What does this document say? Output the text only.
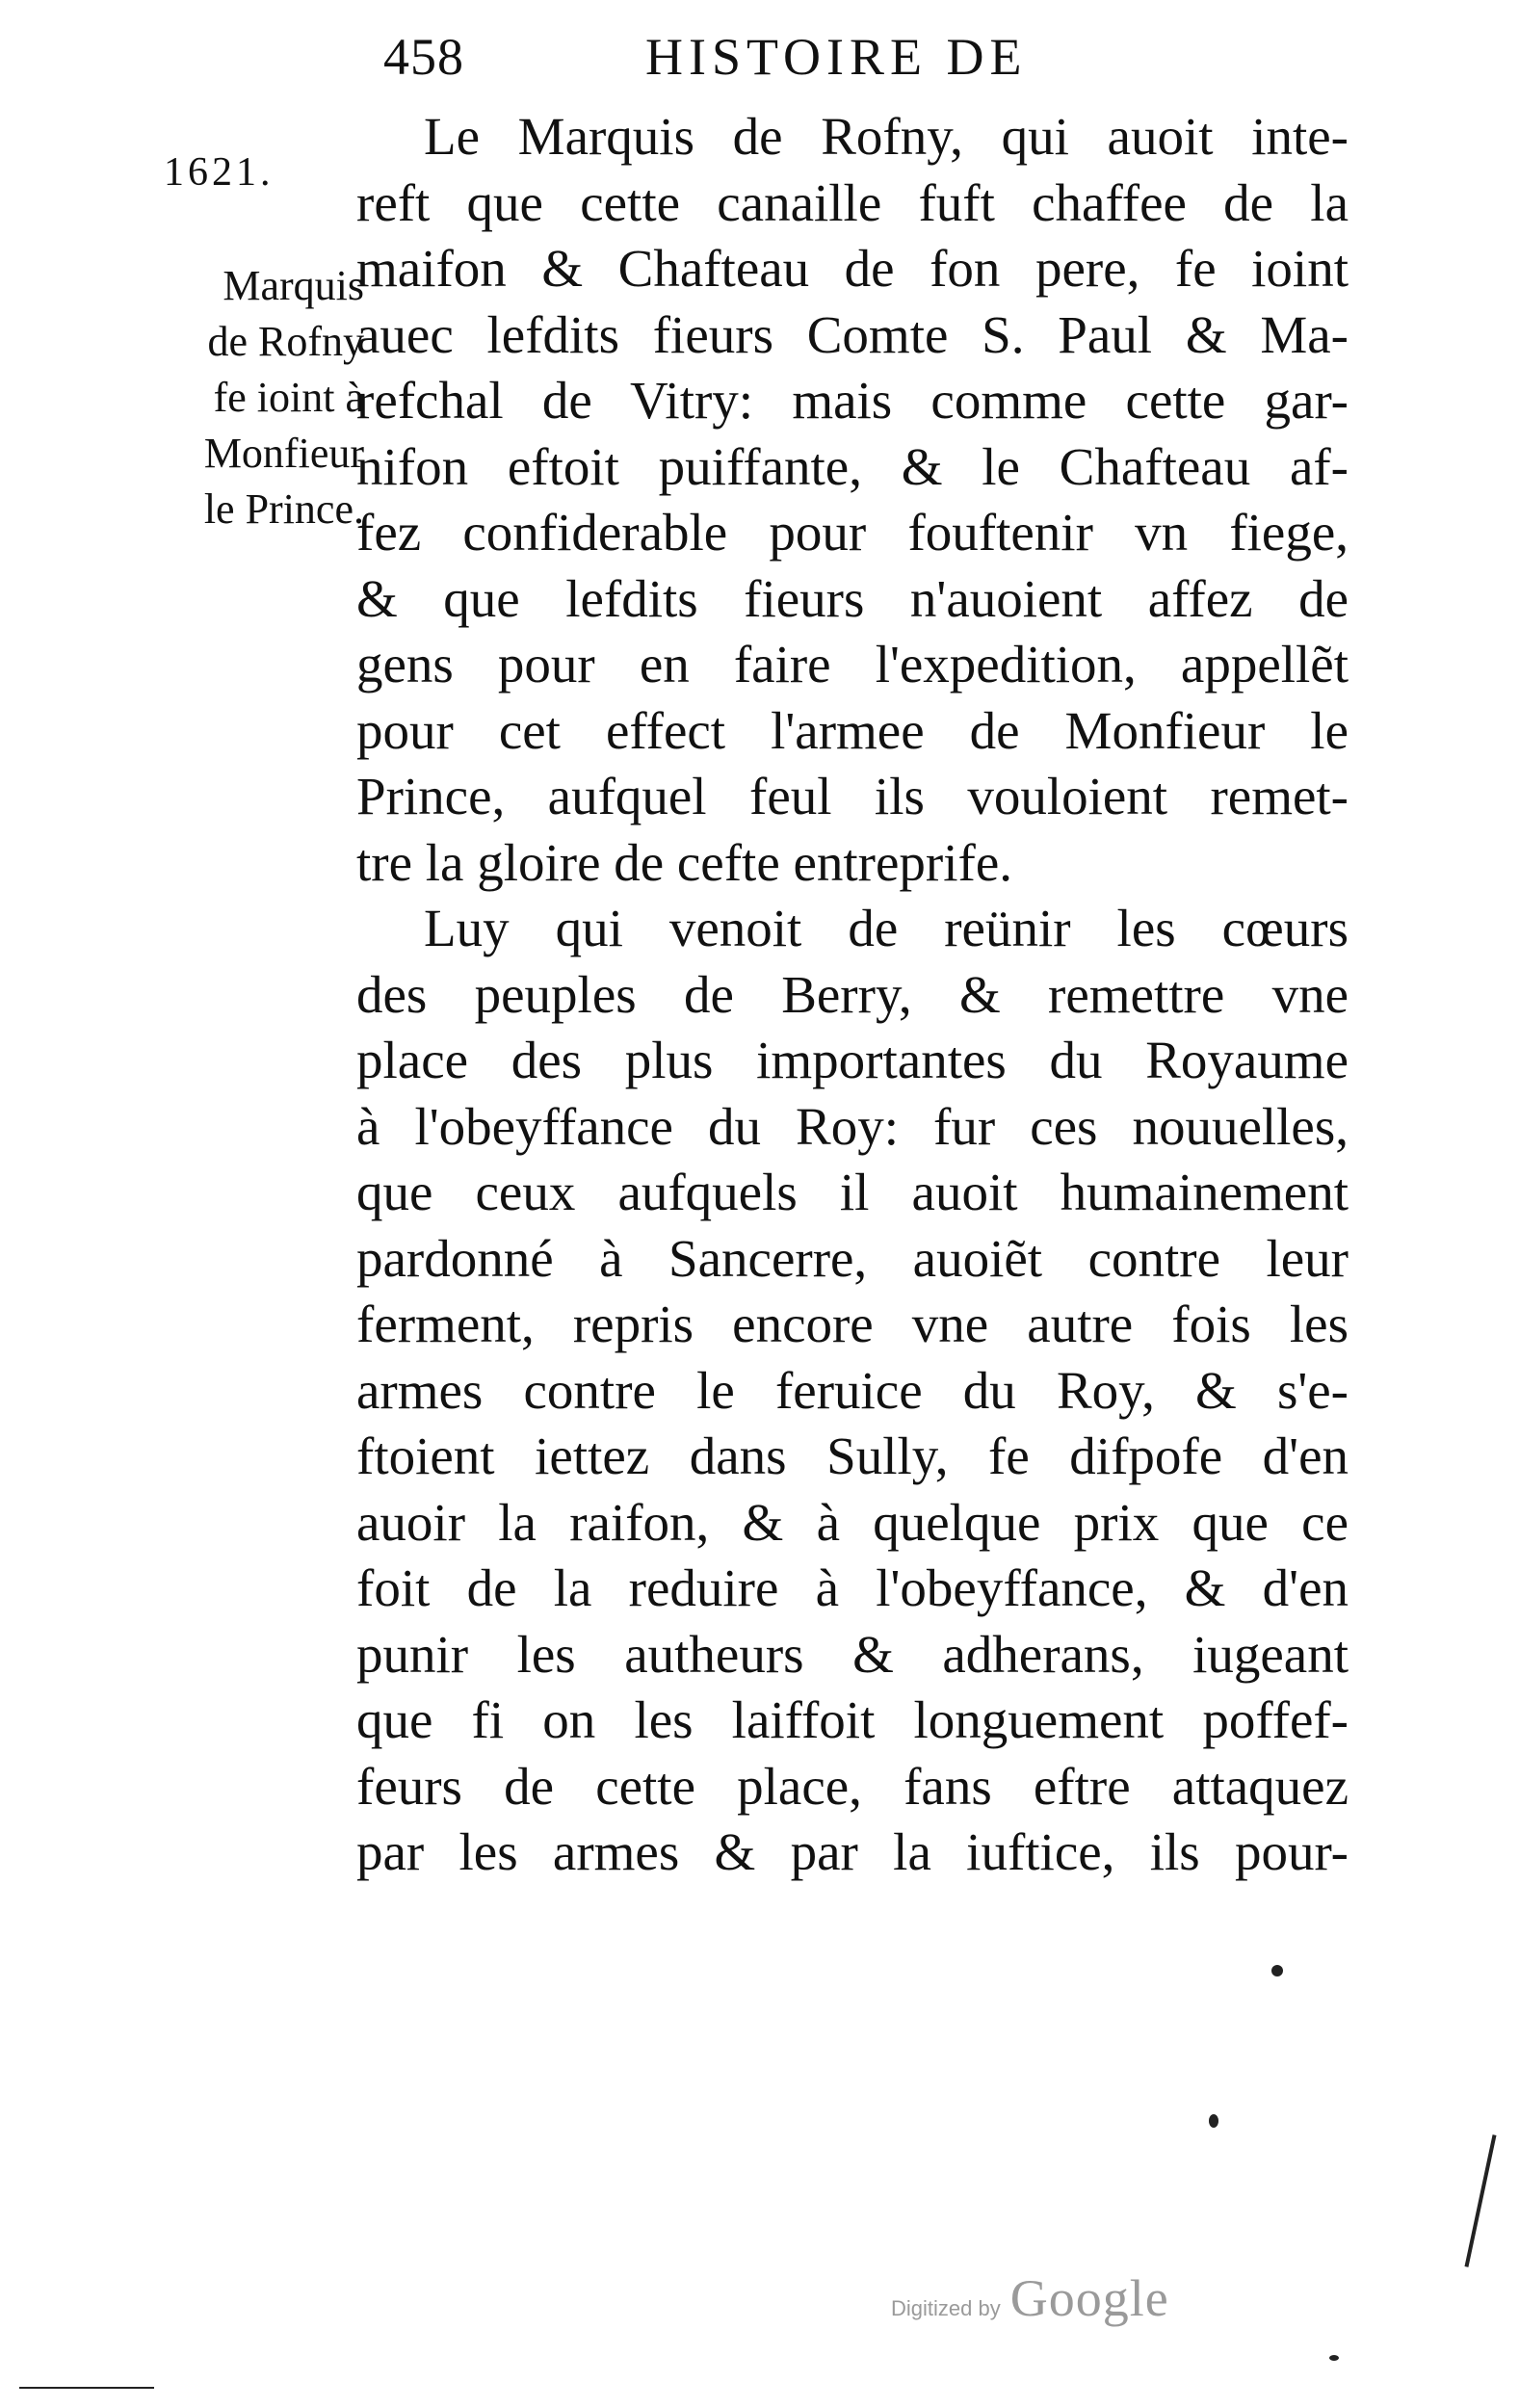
458	HISTOIRE DE
1621.
Marquis
de Rofny
fe ioint à
Monfieur
le Prince.
Le Marquis de Rofny, qui auoit inte-
reft que cette canaille fuft chaffee de la
maifon & Chafteau de fon pere, fe ioint
auec lefdits fieurs Comte S. Paul & Ma-
refchal de Vitry: mais comme cette gar-
nifon eftoit puiffante, & le Chafteau af-
fez confiderable pour fouftenir vn fiege,
& que lefdits fieurs n'auoient affez de
gens pour en faire l'expedition, appellẽt
pour cet effect l'armee de Monfieur le
Prince, aufquel feul ils vouloient remet-
tre la gloire de cefte entreprife.
Luy qui venoit de reünir les cœurs
des peuples de Berry, & remettre vne
place des plus importantes du Royaume
à l'obeyffance du Roy: fur ces nouuelles,
que ceux aufquels il auoit humainement
pardonné à Sancerre, auoiẽt contre leur
ferment, repris encore vne autre fois les
armes contre le feruice du Roy, & s'e-
ftoient iettez dans Sully, fe difpofe d'en
auoir la raifon, & à quelque prix que ce
foit de la reduire à l'obeyffance, & d'en
punir les autheurs & adherans, iugeant
que fi on les laiffoit longuement poffef-
feurs de cette place, fans eftre attaquez
par les armes & par la iuftice, ils pour-
Digitized by Google
